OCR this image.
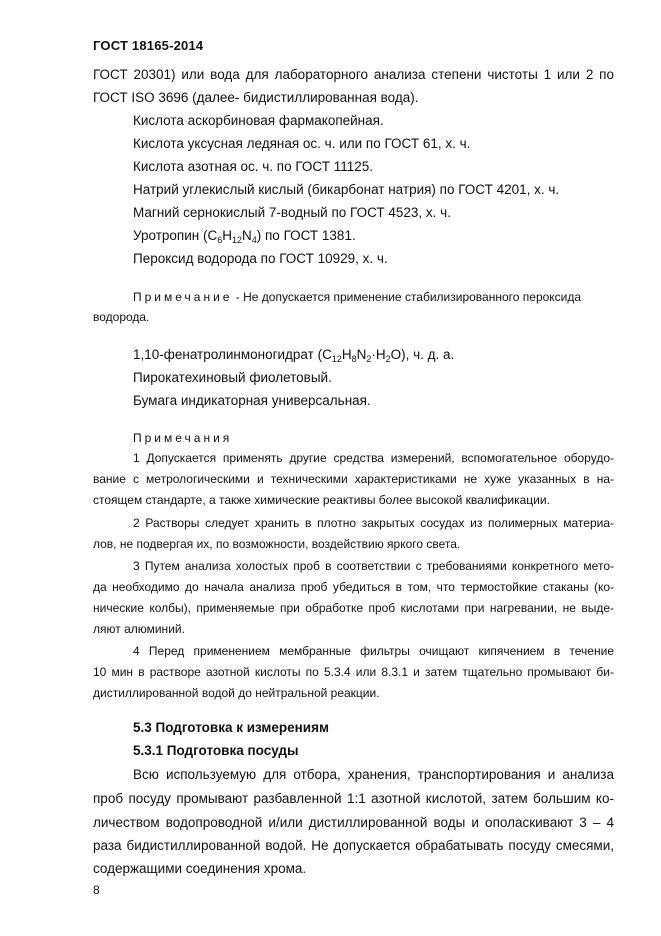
ГОСТ 18165-2014
ГОСТ 20301) или вода для лабораторного анализа степени чистоты 1 или 2 по
ГОСТ ISO 3696 (далее- бидистиллированная вода).
Кислота аскорбиновая фармакопейная.
Кислота уксусная ледяная ос. ч. или по ГОСТ 61, х. ч.
Кислота азотная ос. ч. по ГОСТ 11125.
Натрий углекислый кислый (бикарбонат натрия) по ГОСТ 4201, х. ч.
Магний сернокислый 7-водный по ГОСТ 4523, х. ч.
Уротропин $(C_6H_{12}N_4)$ по ГОСТ 1381.
Пероксид водорода по ГОСТ 10929, х. ч.
Примечание - Не допускается применение стабилизированного пероксида
водорода.
1,10-фенатролинмоногидрат $(C_{12}H_8N_2\cdot H_2O)$, ч. д. а.
Пирокатехиновый фиолетовый.
Бумага индикаторная универсальная.
Примечания
1 Допускается применять другие средства измерений, вспомогательное оборудо-
вание с метрологическими и техническими характеристиками не хуже указанных в на-
стоящем стандарте, а также химические реактивы более высокой квалификации.
2 Растворы следует хранить в плотно закрытых сосудах из полимерных материа-
лов, не подвергая их, по возможности, воздействию яркого света.
3 Путем анализа холостых проб в соответствии с требованиями конкретного мето-
да необходимо до начала анализа проб убедиться в том, что термостойкие стаканы (ко-
нические колбы), применяемые при обработке проб кислотами при нагревании, не выде-
ляют алюминий.
4 Перед применением мембранные фильтры очищают кипячением в течение
10 мин в растворе азотной кислоты по 5.3.4 или 8.3.1 и затем тщательно промывают би-
дистиллированной водой до нейтральной реакции.
5.3 Подготовка к измерениям
5.3.1 Подготовка посуды
Всю используемую для отбора, хранения, транспортирования и анализа
проб посуду промывают разбавленной 1:1 азотной кислотой, затем большим ко-
личеством водопроводной и/или дистиллированной воды и ополаскивают 3 – 4
раза бидистиллированной водой. Не допускается обрабатывать посуду смесями,
содержащими соединения хрома.
8
